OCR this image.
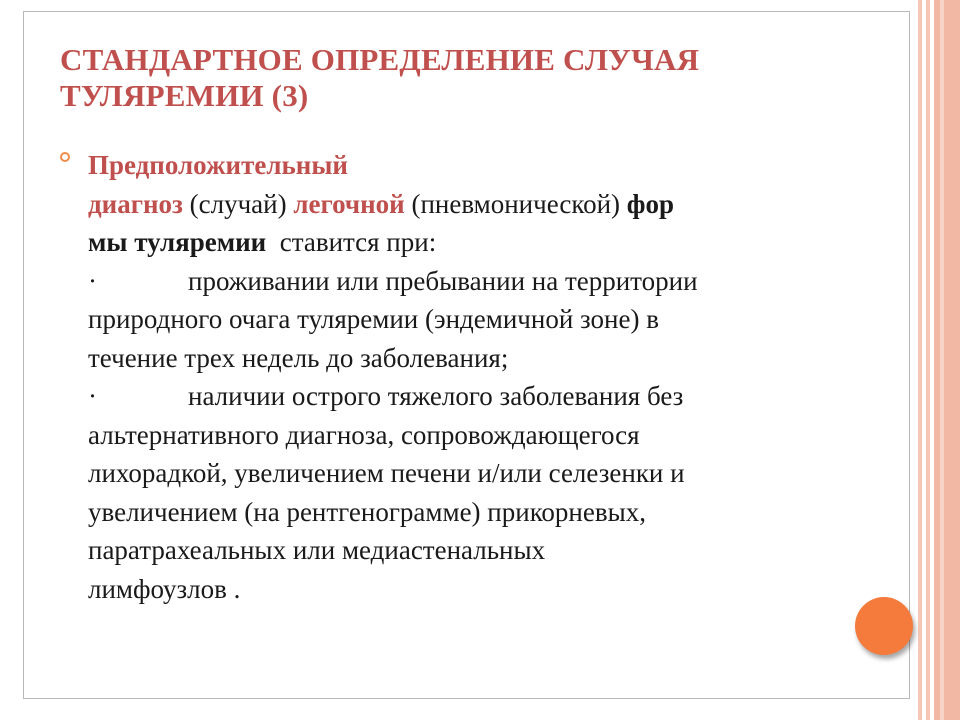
СТАНДАРТНОЕ ОПРЕДЕЛЕНИЕ СЛУЧАЯ
ТУЛЯРЕМИИ (3)
Предположительный
диагноз (случай) легочной (пневмонической) фор
мы туляремии  ставится при:
·	проживании или пребывании на территории
природного очага туляремии (эндемичной зоне) в
течение трех недель до заболевания;
·	наличии острого тяжелого заболевания без
альтернативного диагноза, сопровождающегося
лихорадкой, увеличением печени и/или селезенки и
увеличением (на рентгенограмме) прикорневых,
паратрахеальных или медиастенальных
лимфоузлов .
